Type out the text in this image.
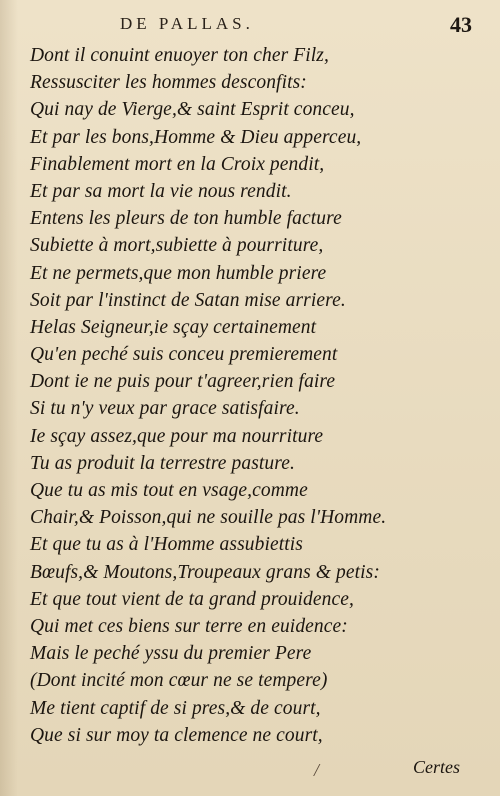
DE PALLAS.	43
Dont il conuint enuoyer ton cher Filz,
Ressusciter les hommes desconfits:
Qui nay de Vierge,& saint Esprit conceu,
Et par les bons,Homme & Dieu apperceu,
Finablement mort en la Croix pendit,
Et par sa mort la vie nous rendit.
Entens les pleurs de ton humble facture
Subiette à mort,subiette à pourriture,
Et ne permets,que mon humble priere
Soit par l'instinct de Satan mise arriere.
Helas Seigneur,ie sçay certainement
Qu'en peché suis conceu premierement
Dont ie ne puis pour t'agreer,rien faire
Si tu n'y veux par grace satisfaire.
Ie sçay assez,que pour ma nourriture
Tu as produit la terrestre pasture.
Que tu as mis tout en vsage,comme
Chair,& Poisson,qui ne souille pas l'Homme.
Et que tu as à l'Homme assubiettis
Bœufs,& Moutons,Troupeaux grans & petis:
Et que tout vient de ta grand prouidence,
Qui met ces biens sur terre en euidence:
Mais le peché yssu du premier Pere
(Dont incité mon cœur ne se tempere)
Me tient captif de si pres,& de court,
Que si sur moy ta clemence ne court,
/	Certes
